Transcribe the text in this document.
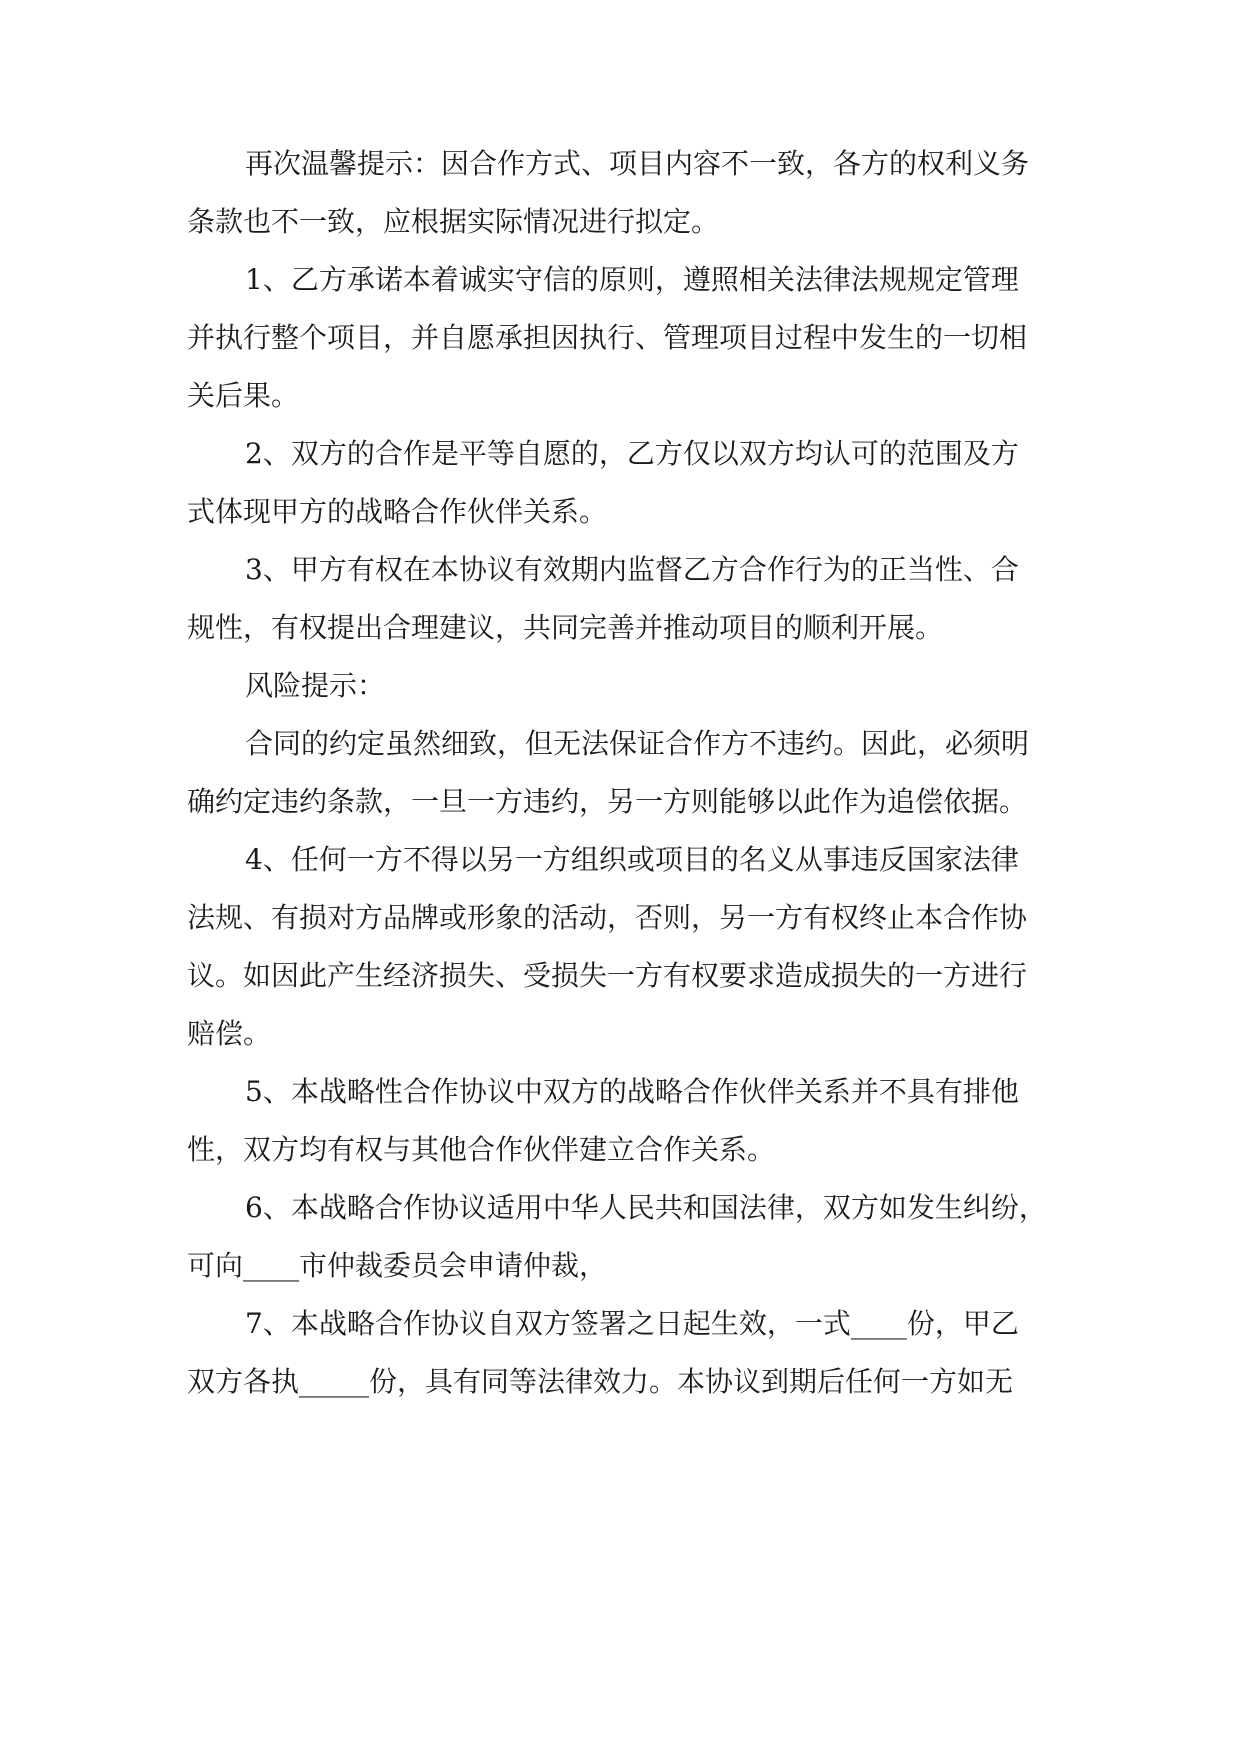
再次温馨提示：因合作方式、项目内容不一致，各方的权利义务
条款也不一致，应根据实际情况进行拟定。
1、乙方承诺本着诚实守信的原则，遵照相关法律法规规定管理
并执行整个项目，并自愿承担因执行、管理项目过程中发生的一切相
关后果。
2、双方的合作是平等自愿的，乙方仅以双方均认可的范围及方
式体现甲方的战略合作伙伴关系。
3、甲方有权在本协议有效期内监督乙方合作行为的正当性、合
规性，有权提出合理建议，共同完善并推动项目的顺利开展。
风险提示：
合同的约定虽然细致，但无法保证合作方不违约。因此，必须明
确约定违约条款，一旦一方违约，另一方则能够以此作为追偿依据。
4、任何一方不得以另一方组织或项目的名义从事违反国家法律
法规、有损对方品牌或形象的活动，否则，另一方有权终止本合作协
议。如因此产生经济损失、受损失一方有权要求造成损失的一方进行
赔偿。
5、本战略性合作协议中双方的战略合作伙伴关系并不具有排他
性，双方均有权与其他合作伙伴建立合作关系。
6、本战略合作协议适用中华人民共和国法律，双方如发生纠纷，
可向____市仲裁委员会申请仲裁，
7、本战略合作协议自双方签署之日起生效，一式____份，甲乙
双方各执_____份，具有同等法律效力。本协议到期后任何一方如无
